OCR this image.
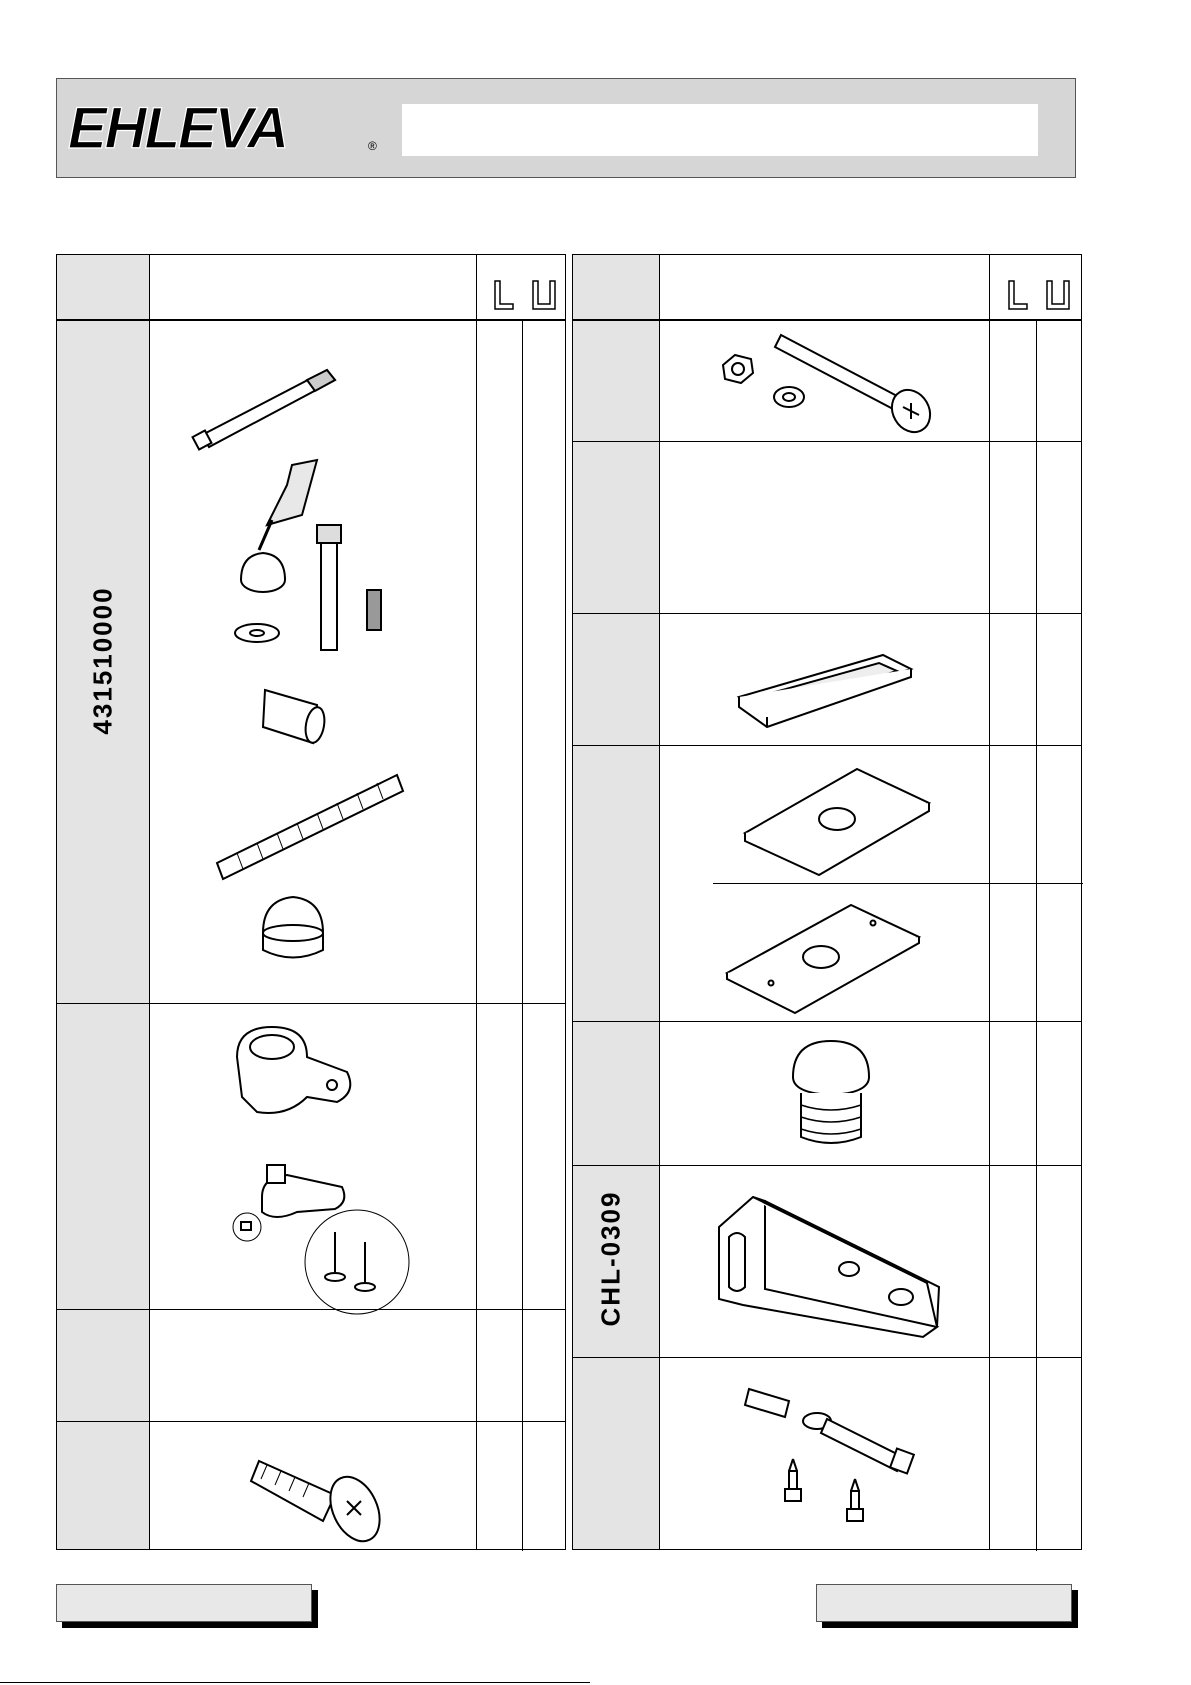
EHLEVA	®
431510000
CHL-0309
